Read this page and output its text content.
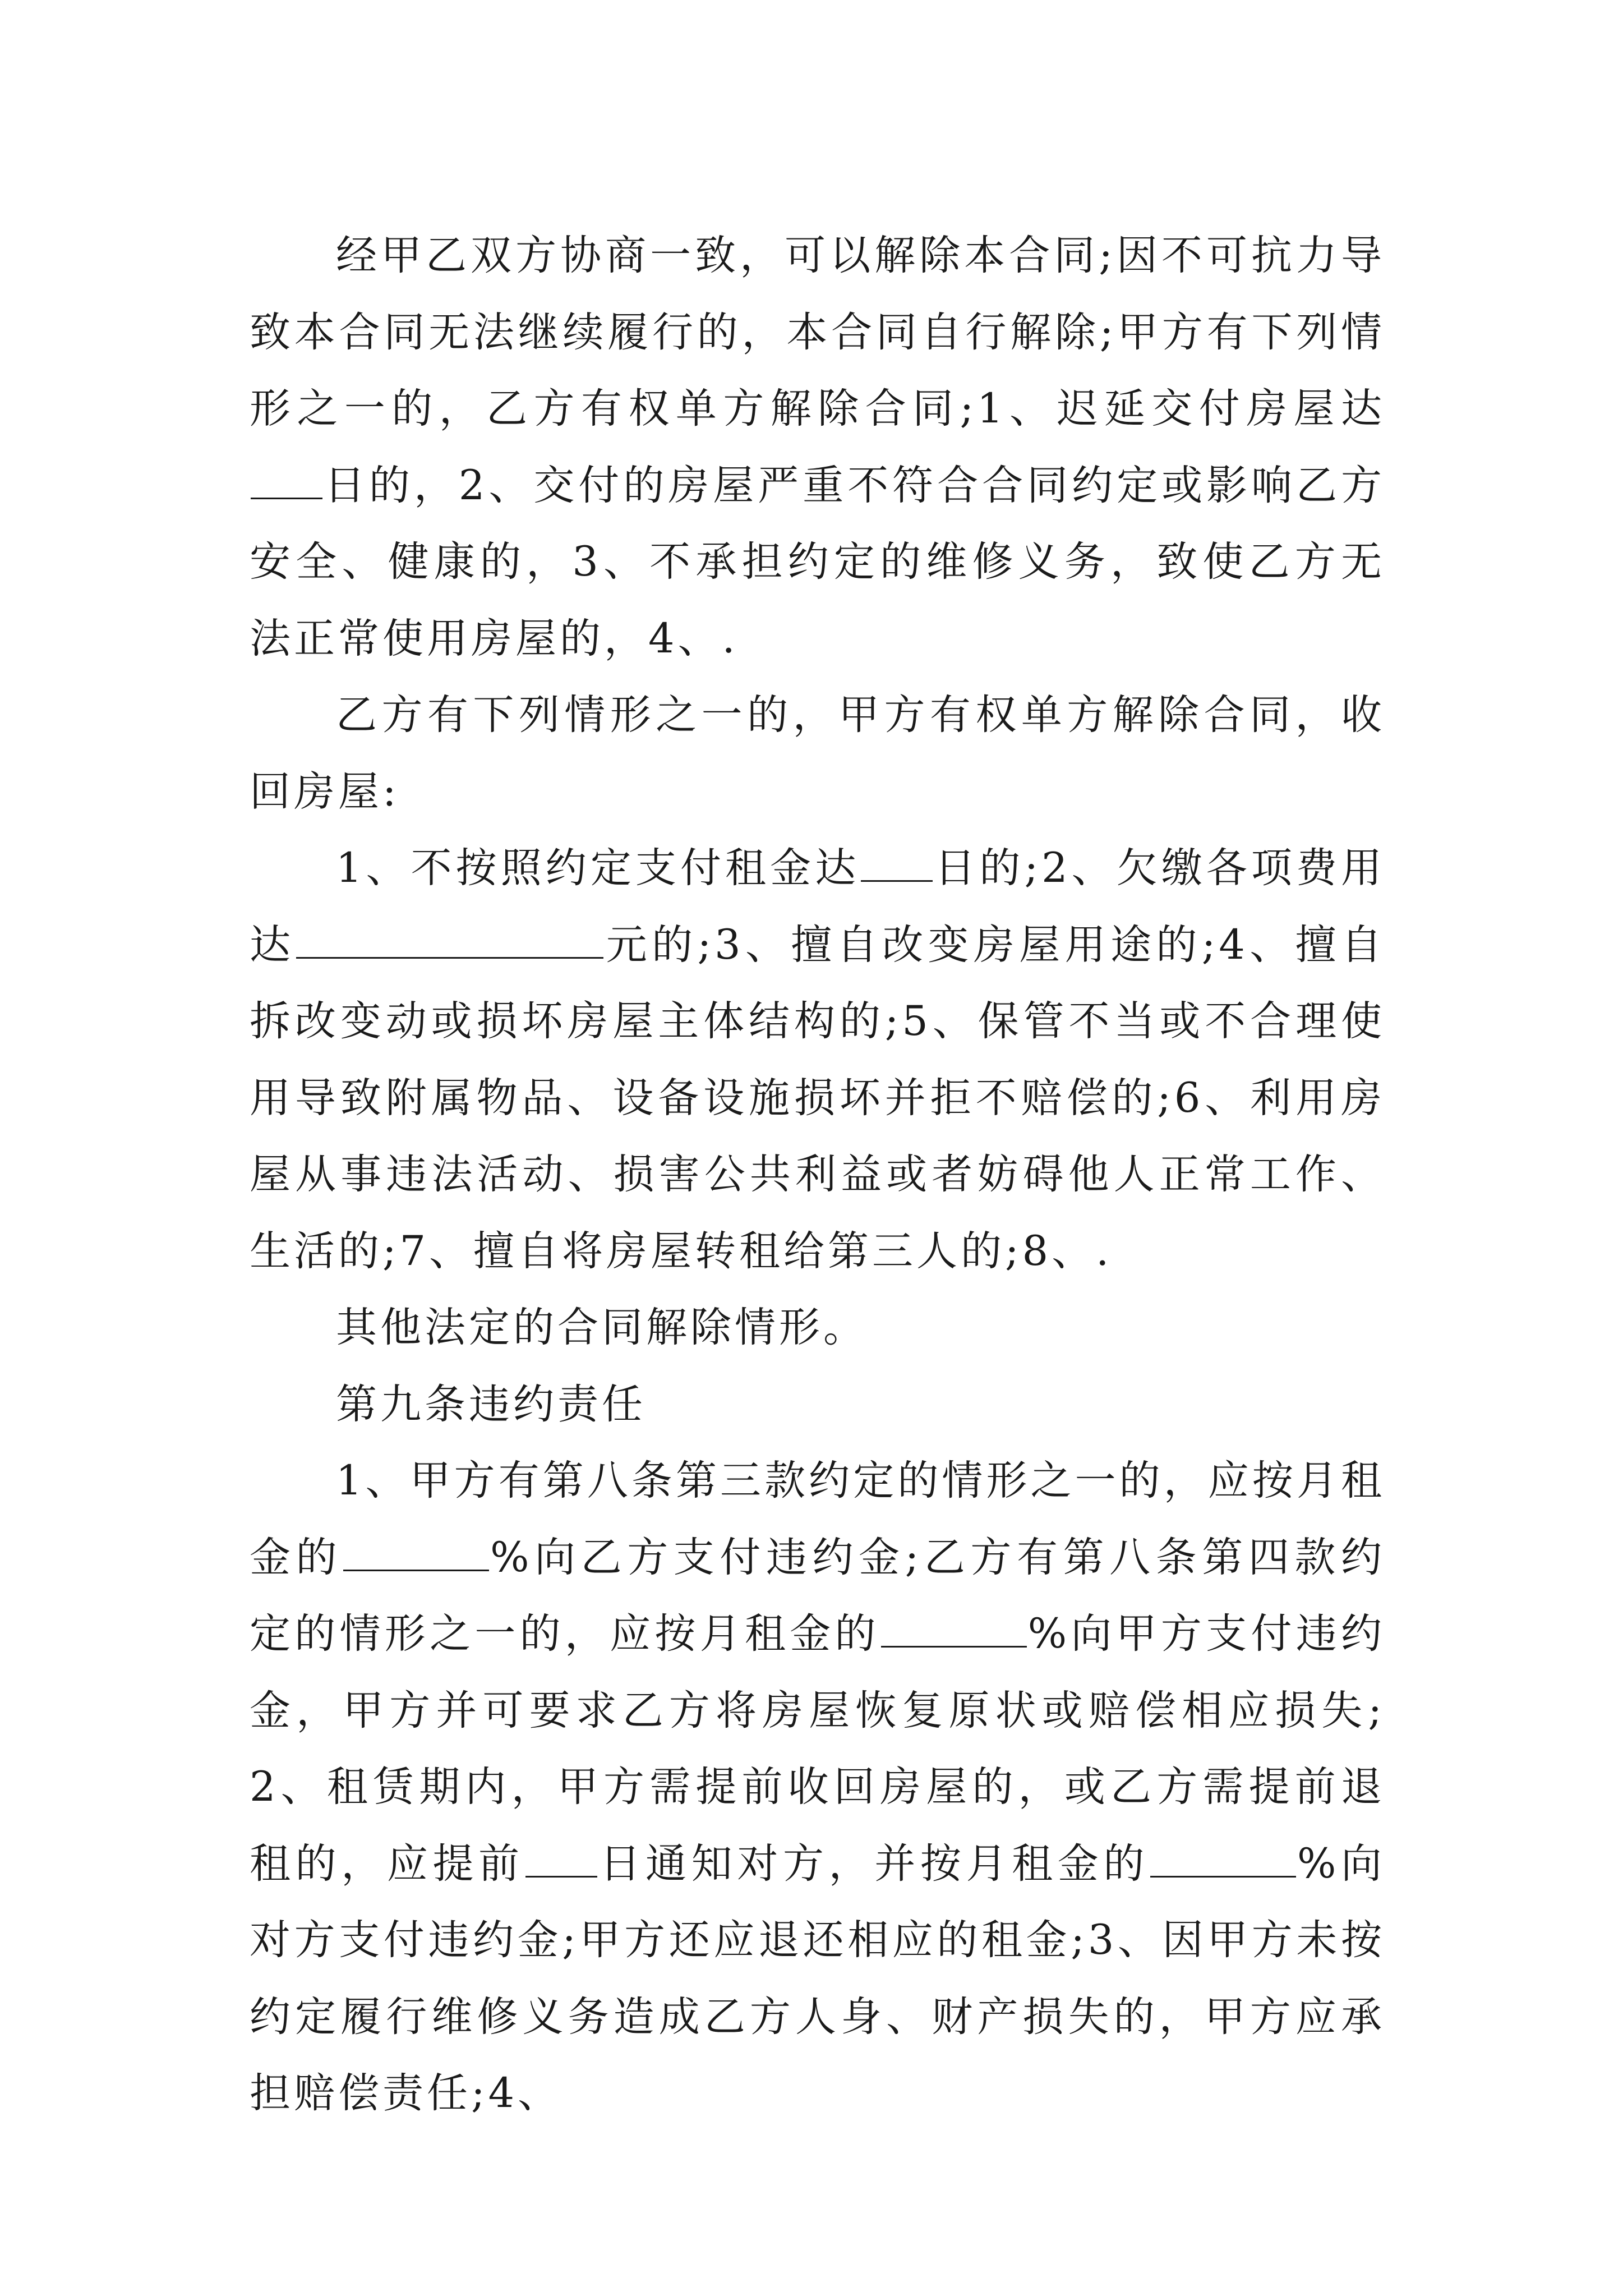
经甲乙双方协商一致，可以解除本合同;因不可抗力导致本合同无法继续履行的，本合同自行解除;甲方有下列情形之一的，乙方有权单方解除合同;1、迟延交付房屋达日的，2、交付的房屋严重不符合合同约定或影响乙方安全、健康的，3、不承担约定的维修义务，致使乙方无法正常使用房屋的，4、.

乙方有下列情形之一的，甲方有权单方解除合同，收回房屋:

1、不按照约定支付租金达 日的;2、欠缴各项费用达	元的;3、擅自改变房屋用途的;4、擅自拆改变动或损坏房屋主体结构的;5、保管不当或不合理使用导致附属物品、设备设施损坏并拒不赔偿的;6、利用房屋从事违法活动、损害公共利益或者妨碍他人正常工作、生活的;7、擅自将房屋转租给第三人的;8、.

其他法定的合同解除情形。

第九条违约责任

1、甲方有第八条第三款约定的情形之一的，应按月租金的	%向乙方支付违约金;乙方有第八条第四款约定的情形之一的，应按月租金的	%向甲方支付违约金，甲方并可要求乙方将房屋恢复原状或赔偿相应损失;2、租赁期内，甲方需提前收回房屋的，或乙方需提前退租的，应提前 日通知对方，并按月租金的	%向对方支付违约金;甲方还应退还相应的租金;3、因甲方未按约定履行维修义务造成乙方人身、财产损失的，甲方应承担赔偿责任;4、
